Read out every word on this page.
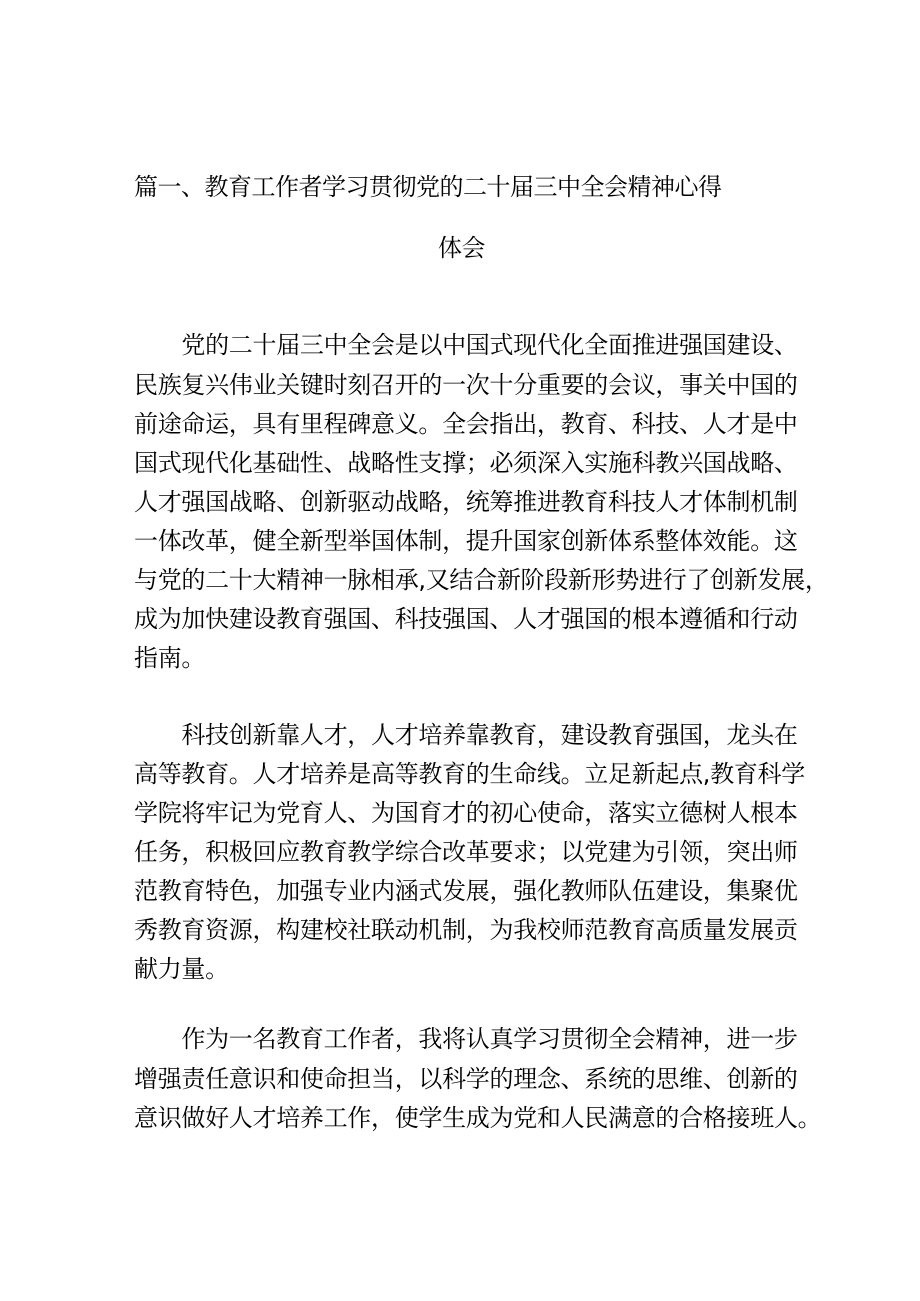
篇一、教育工作者学习贯彻党的二十届三中全会精神心得
体会
　　党的二十届三中全会是以中国式现代化全面推进强国建设、
民族复兴伟业关键时刻召开的一次十分重要的会议，事关中国的
前途命运，具有里程碑意义。全会指出，教育、科技、人才是中
国式现代化基础性、战略性支撑；必须深入实施科教兴国战略、
人才强国战略、创新驱动战略，统筹推进教育科技人才体制机制
一体改革，健全新型举国体制，提升国家创新体系整体效能。这
与党的二十大精神一脉相承,又结合新阶段新形势进行了创新发展，
成为加快建设教育强国、科技强国、人才强国的根本遵循和行动
指南。
　　科技创新靠人才，人才培养靠教育，建设教育强国，龙头在
高等教育。人才培养是高等教育的生命线。立足新起点,教育科学
学院将牢记为党育人、为国育才的初心使命，落实立德树人根本
任务，积极回应教育教学综合改革要求；以党建为引领，突出师
范教育特色，加强专业内涵式发展，强化教师队伍建设，集聚优
秀教育资源，构建校社联动机制，为我校师范教育高质量发展贡
献力量。
　　作为一名教育工作者，我将认真学习贯彻全会精神，进一步
增强责任意识和使命担当，以科学的理念、系统的思维、创新的
意识做好人才培养工作，使学生成为党和人民满意的合格接班人。
